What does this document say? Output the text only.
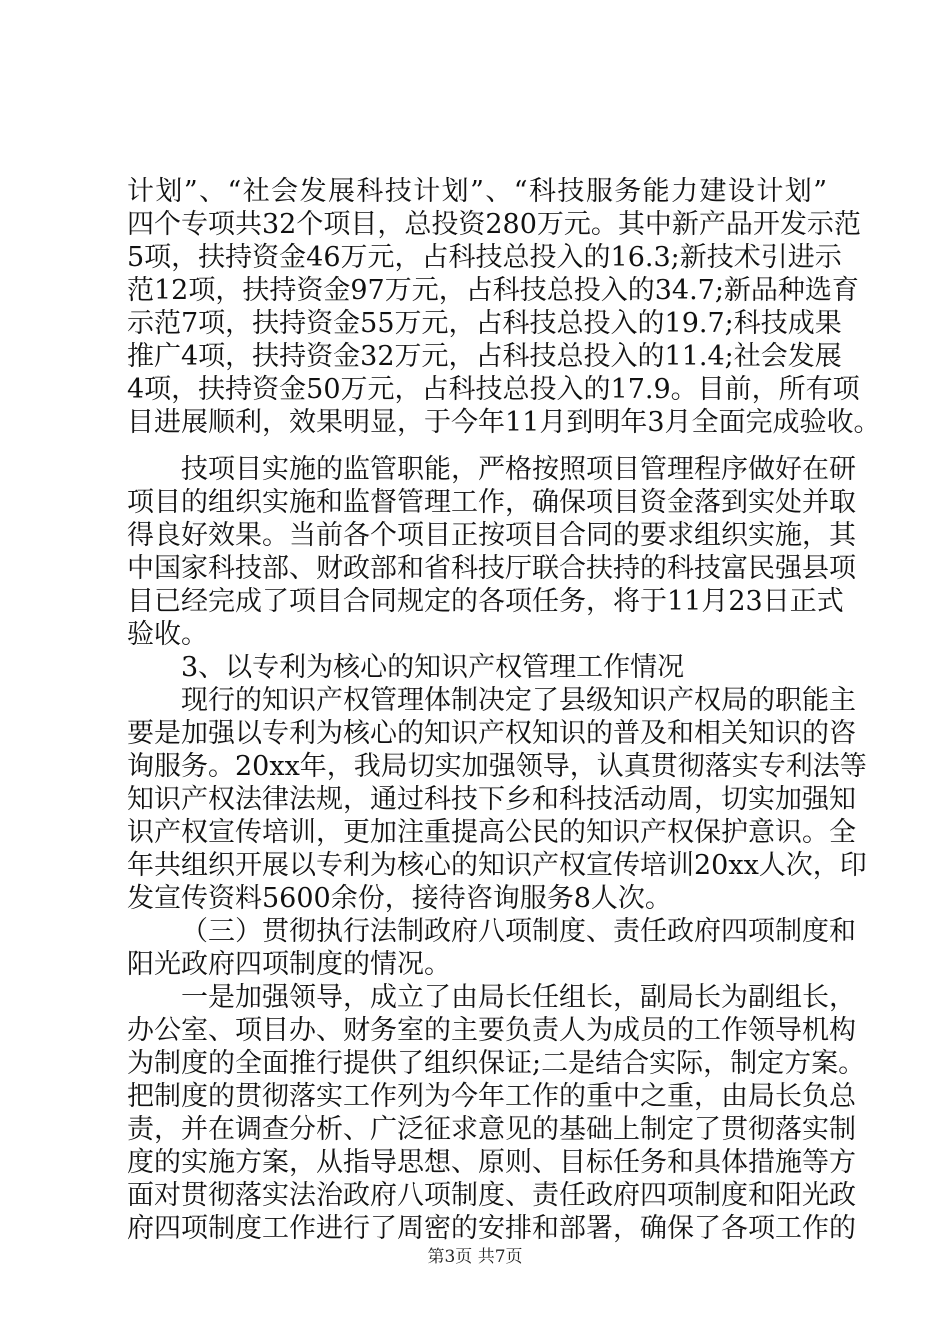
计划”、“社会发展科技计划”、“科技服务能力建设计划”
四个专项共32个项目，总投资280万元。其中新产品开发示范
5项，扶持资金46万元，占科技总投入的16.3;新技术引进示
范12项，扶持资金97万元，占科技总投入的34.7;新品种选育
示范7项，扶持资金55万元，占科技总投入的19.7;科技成果
推广4项，扶持资金32万元，占科技总投入的11.4;社会发展
4项，扶持资金50万元，占科技总投入的17.9。目前，所有项
目进展顺利，效果明显，于今年11月到明年3月全面完成验收。
技项目实施的监管职能，严格按照项目管理程序做好在研
项目的组织实施和监督管理工作，确保项目资金落到实处并取
得良好效果。当前各个项目正按项目合同的要求组织实施，其
中国家科技部、财政部和省科技厅联合扶持的科技富民强县项
目已经完成了项目合同规定的各项任务，将于11月23日正式
验收。
3、以专利为核心的知识产权管理工作情况
现行的知识产权管理体制决定了县级知识产权局的职能主
要是加强以专利为核心的知识产权知识的普及和相关知识的咨
询服务。20xx年，我局切实加强领导，认真贯彻落实专利法等
知识产权法律法规，通过科技下乡和科技活动周，切实加强知
识产权宣传培训，更加注重提高公民的知识产权保护意识。全
年共组织开展以专利为核心的知识产权宣传培训20xx人次，印
发宣传资料5600余份，接待咨询服务8人次。
（三）贯彻执行法制政府八项制度、责任政府四项制度和
阳光政府四项制度的情况。
一是加强领导，成立了由局长任组长，副局长为副组长，
办公室、项目办、财务室的主要负责人为成员的工作领导机构
为制度的全面推行提供了组织保证;二是结合实际，制定方案。
把制度的贯彻落实工作列为今年工作的重中之重，由局长负总
责，并在调查分析、广泛征求意见的基础上制定了贯彻落实制
度的实施方案，从指导思想、原则、目标任务和具体措施等方
面对贯彻落实法治政府八项制度、责任政府四项制度和阳光政
府四项制度工作进行了周密的安排和部署，确保了各项工作的
第3页 共7页
